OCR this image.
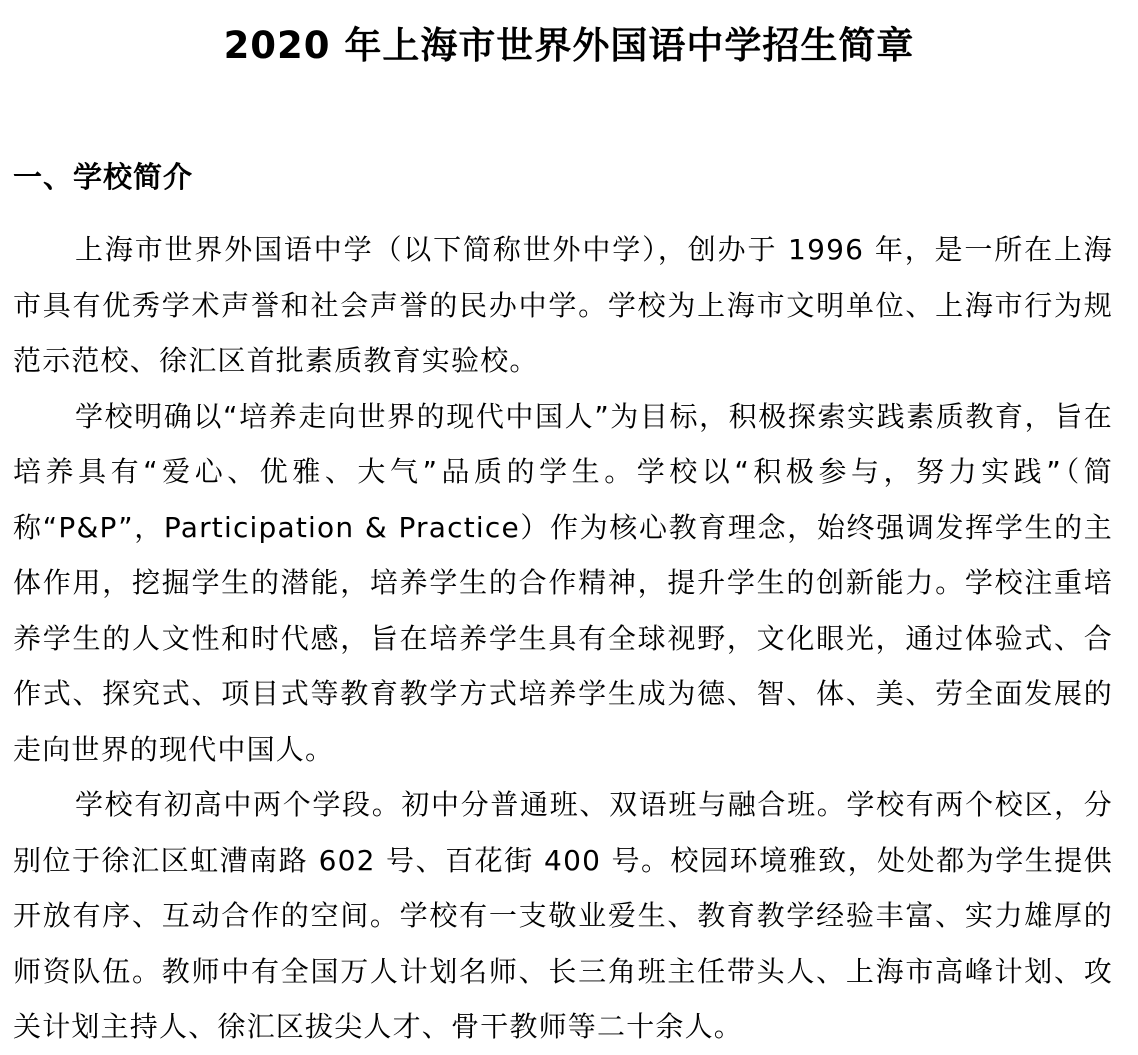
2020 年上海市世界外国语中学招生简章
一、学校简介

上海市世界外国语中学（以下简称世外中学），创办于 1996 年，是一所在上海市具有优秀学术声誉和社会声誉的民办中学。学校为上海市文明单位、上海市行为规范示范校、徐汇区首批素质教育实验校。

学校明确以“培养走向世界的现代中国人”为目标，积极探索实践素质教育，旨在培养具有“爱心、优雅、大气”品质的学生。学校以“积极参与，努力实践”（简称“P&P”，Participation & Practice）作为核心教育理念，始终强调发挥学生的主体作用，挖掘学生的潜能，培养学生的合作精神，提升学生的创新能力。学校注重培养学生的人文性和时代感，旨在培养学生具有全球视野，文化眼光，通过体验式、合作式、探究式、项目式等教育教学方式培养学生成为德、智、体、美、劳全面发展的走向世界的现代中国人。

学校有初高中两个学段。初中分普通班、双语班与融合班。学校有两个校区，分别位于徐汇区虹漕南路 602 号、百花街 400 号。校园环境雅致，处处都为学生提供开放有序、互动合作的空间。学校有一支敬业爱生、教育教学经验丰富、实力雄厚的师资队伍。教师中有全国万人计划名师、长三角班主任带头人、上海市高峰计划、攻关计划主持人、徐汇区拔尖人才、骨干教师等二十余人。
